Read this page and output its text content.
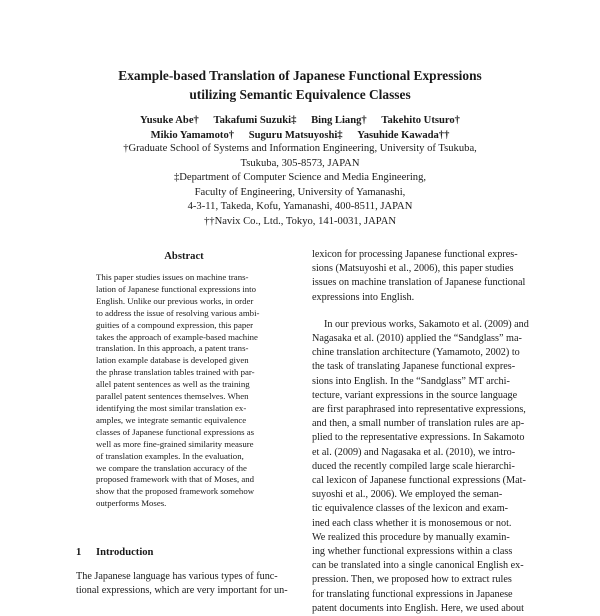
Example-based Translation of Japanese Functional Expressions
utilizing Semantic Equivalence Classes
Yusuke Abe† Takafumi Suzuki‡ Bing Liang† Takehito Utsuro†
Mikio Yamamoto† Suguru Matsuyoshi‡ Yasuhide Kawada††
†Graduate School of Systems and Information Engineering, University of Tsukuba,
Tsukuba, 305-8573, JAPAN
‡Department of Computer Science and Media Engineering,
Faculty of Engineering, University of Yamanashi,
4-3-11, Takeda, Kofu, Yamanashi, 400-8511, JAPAN
††Navix Co., Ltd., Tokyo, 141-0031, JAPAN
Abstract
This paper studies issues on machine trans-
lation of Japanese functional expressions into
English. Unlike our previous works, in order
to address the issue of resolving various ambi-
guities of a compound expression, this paper
takes the approach of example-based machine
translation. In this approach, a patent trans-
lation example database is developed given
the phrase translation tables trained with par-
allel patent sentences as well as the training
parallel patent sentences themselves. When
identifying the most similar translation ex-
amples, we integrate semantic equivalence
classes of Japanese functional expressions as
well as more fine-grained similarity measure
of translation examples. In the evaluation,
we compare the translation accuracy of the
proposed framework with that of Moses, and
show that the proposed framework somehow
outperforms Moses.
1 Introduction
The Japanese language has various types of func-
tional expressions, which are very important for un-
lexicon for processing Japanese functional expres-
sions (Matsuyoshi et al., 2006), this paper studies
issues on machine translation of Japanese functional
expressions into English.
In our previous works, Sakamoto et al. (2009) and
Nagasaka et al. (2010) applied the “Sandglass” ma-
chine translation architecture (Yamamoto, 2002) to
the task of translating Japanese functional expres-
sions into English. In the “Sandglass” MT archi-
tecture, variant expressions in the source language
are first paraphrased into representative expressions,
and then, a small number of translation rules are ap-
plied to the representative expressions. In Sakamoto
et al. (2009) and Nagasaka et al. (2010), we intro-
duced the recently compiled large scale hierarchi-
cal lexicon of Japanese functional expressions (Mat-
suyoshi et al., 2006). We employed the seman-
tic equivalence classes of the lexicon and exam-
ined each class whether it is monosemous or not.
We realized this procedure by manually examin-
ing whether functional expressions within a class
can be translated into a single canonical English ex-
pression. Then, we proposed how to extract rules
for translating functional expressions in Japanese
patent documents into English. Here, we used about
